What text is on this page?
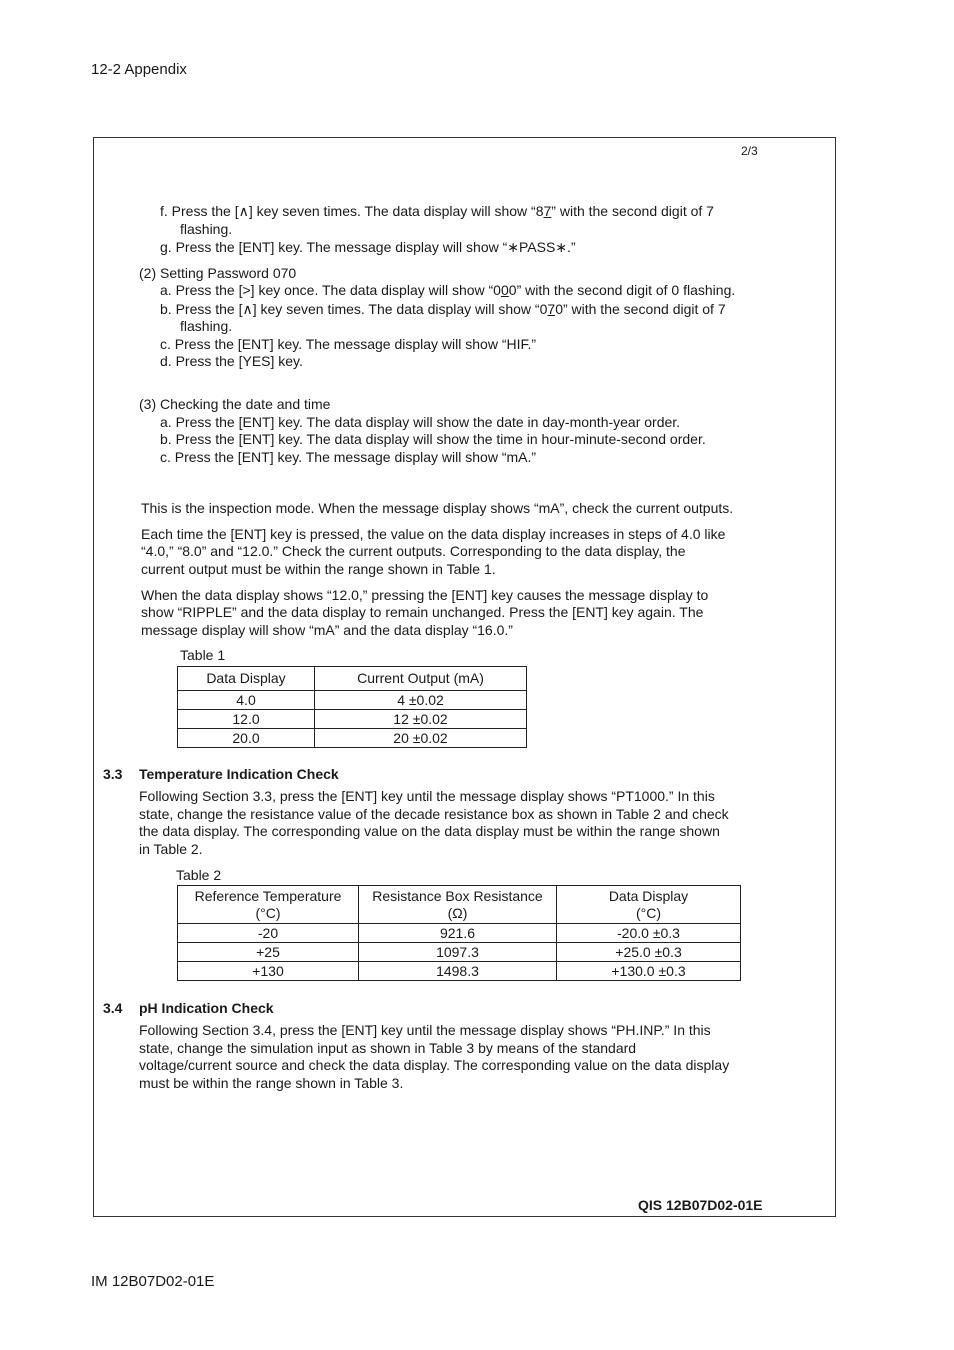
12-2 Appendix
2/3
f. Press the [∧] key seven times. The data display will show “87” with the second digit of 7
flashing.
g. Press the [ENT] key. The message display will show “∗PASS∗.”
(2) Setting Password 070
a. Press the [>] key once. The data display will show “000” with the second digit of 0 flashing.
b. Press the [∧] key seven times. The data display will show “070” with the second digit of 7
flashing.
c. Press the [ENT] key. The message display will show “HIF.”
d. Press the [YES] key.
(3) Checking the date and time
a. Press the [ENT] key. The data display will show the date in day-month-year order.
b. Press the [ENT] key. The data display will show the time in hour-minute-second order.
c. Press the [ENT] key. The message display will show “mA.”
This is the inspection mode. When the message display shows “mA”, check the current outputs.
Each time the [ENT] key is pressed, the value on the data display increases in steps of 4.0 like
“4.0,” “8.0” and “12.0.” Check the current outputs. Corresponding to the data display, the
current output must be within the range shown in Table 1.
When the data display shows “12.0,” pressing the [ENT] key causes the message display to
show “RIPPLE” and the data display to remain unchanged. Press the [ENT] key again. The
message display will show “mA” and the data display “16.0.”
Table 1
Data Display	Current Output (mA)
4.0	4 ±0.02
12.0	12 ±0.02
20.0	20 ±0.02
3.3 Temperature Indication Check
Following Section 3.3, press the [ENT] key until the message display shows “PT1000.” In this
state, change the resistance value of the decade resistance box as shown in Table 2 and check
the data display. The corresponding value on the data display must be within the range shown
in Table 2.
Table 2
Reference Temperature
(°C)	Resistance Box Resistance
(Ω)	Data Display
(°C)
-20	921.6	-20.0 ±0.3
+25	1097.3	+25.0 ±0.3
+130	1498.3	+130.0 ±0.3
3.4 pH Indication Check
Following Section 3.4, press the [ENT] key until the message display shows “PH.INP.” In this
state, change the simulation input as shown in Table 3 by means of the standard
voltage/current source and check the data display. The corresponding value on the data display
must be within the range shown in Table 3.
QIS 12B07D02-01E
IM 12B07D02-01E
